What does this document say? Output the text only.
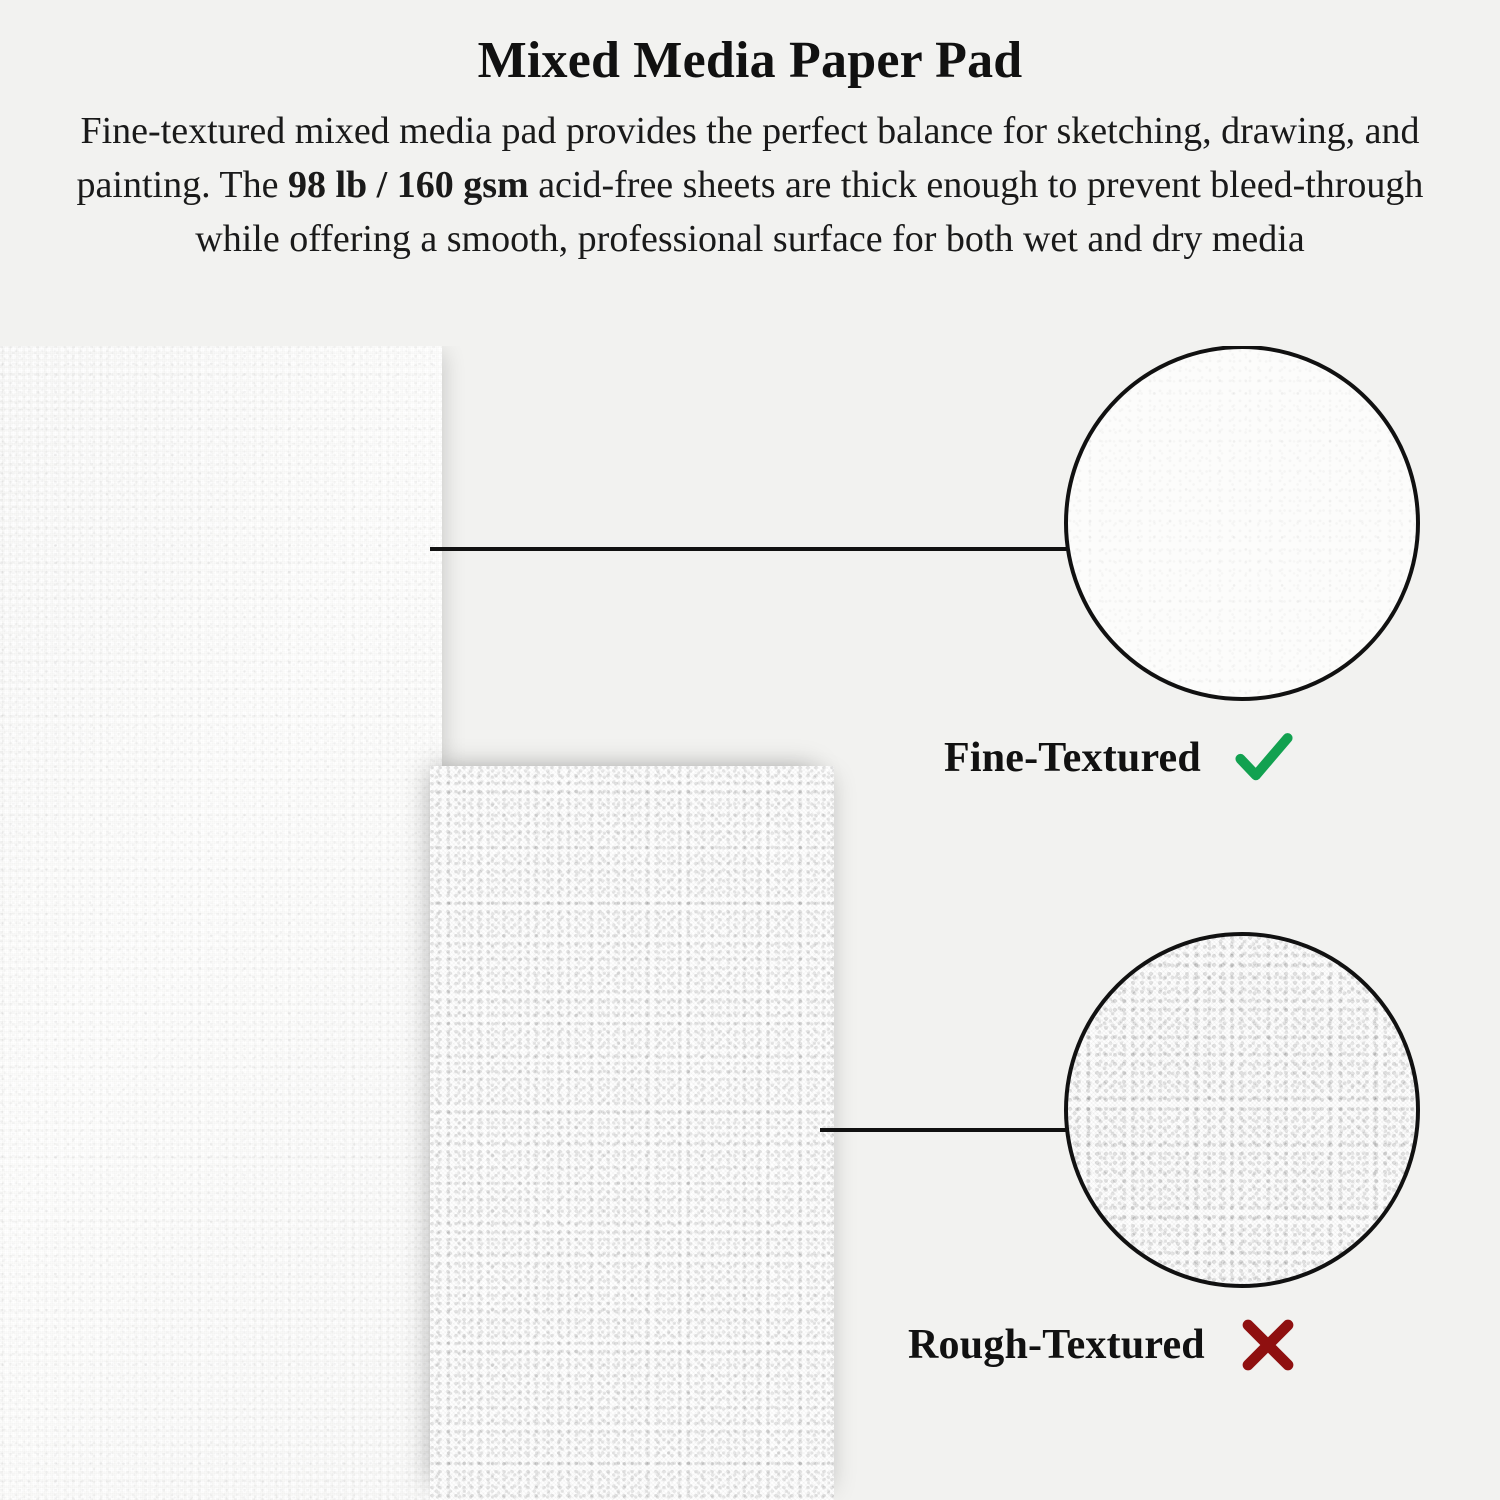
Mixed Media Paper Pad

Fine-textured mixed media pad provides the perfect balance for sketching, drawing, and painting. The 98 lb / 160 gsm acid-free sheets are thick enough to prevent bleed-through while offering a smooth, professional surface for both wet and dry media

Fine-Textured
Rough-Textured
